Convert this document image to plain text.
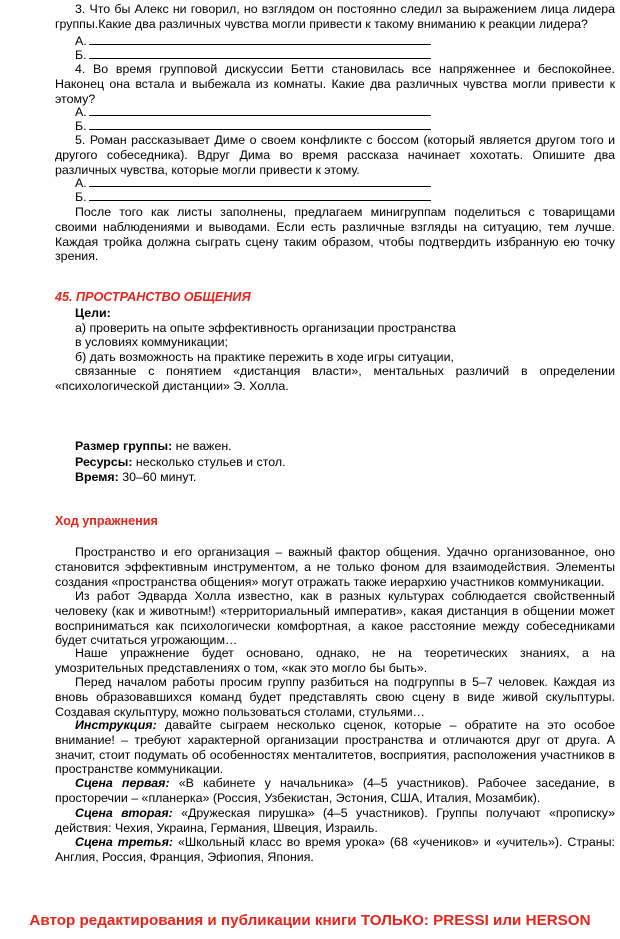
3. Что бы Алекс ни говорил, но взглядом он постоянно следил за выражением лица лидера группы.Какие два различных чувства могли привести к такому вниманию к реакции лидера?

А.
Б.

4. Во время групповой дискуссии Бетти становилась все напряженнее и беспокойнее. Наконец она встала и выбежала из комнаты. Какие два различных чувства могли привести к этому?

А.
Б.

5. Роман рассказывает Диме о своем конфликте с боссом (который является другом того и другого собеседника). Вдруг Дима во время рассказа начинает хохотать. Опишите два различных чувства, которые могли привести к этому.

А.
Б.

После того как листы заполнены, предлагаем минигруппам поделиться с товарищами своими наблюдениями и выводами. Если есть различные взгляды на ситуацию, тем лучше. Каждая тройка должна сыграть сцену таким образом, чтобы подтвердить избранную ею точку зрения.

45. ПРОСТРАНСТВО ОБЩЕНИЯ
Цели:
а) проверить на опыте эффективность организации пространства
в условиях коммуникации;
б) дать возможность на практике пережить в ходе игры ситуации,

связанные с понятием «дистанция власти», ментальных различий в определении «психологической дистанции» Э. Холла.

Размер группы: не важен.
Ресурсы: несколько стульев и стол.
Время: 30–60 минут.
Ход упражнения

Пространство и его организация – важный фактор общения. Удачно организованное, оно становится эффективным инструментом, а не только фоном для взаимодействия. Элементы создания «пространства общения» могут отражать также иерархию участников коммуникации.

Из работ Эдварда Холла известно, как в разных культурах соблюдается свойственный человеку (как и животным!) «территориальный императив», какая дистанция в общении может восприниматься как психологически комфортная, а какое расстояние между собеседниками будет считаться угрожающим…

Наше упражнение будет основано, однако, не на теоретических знаниях, а на умозрительных представлениях о том, «как это могло бы быть».

Перед началом работы просим группу разбиться на подгруппы в 5–7 человек. Каждая из вновь образовавшихся команд будет представлять свою сцену в виде живой скульптуры. Создавая скульптуру, можно пользоваться столами, стульями…

Инструкция: давайте сыграем несколько сценок, которые – обратите на это особое внимание! – требуют характерной организации пространства и отличаются друг от друга. А значит, стоит подумать об особенностях менталитетов, восприятия, расположения участников в пространстве коммуникации.

Сцена первая: «В кабинете у начальника» (4–5 участников). Рабочее заседание, в просторечии – «планерка» (Россия, Узбекистан, Эстония, США, Италия, Мозамбик).

Сцена вторая: «Дружеская пирушка» (4–5 участников). Группы получают «прописку» действия: Чехия, Украина, Германия, Швеция, Израиль.

Сцена третья: «Школьный класс во время урока» (68 «учеников» и «учитель»). Страны: Англия, Россия, Франция, Эфиопия, Япония.

Автор редактирования и публикации книги ТОЛЬКО: PRESSI или HERSON
